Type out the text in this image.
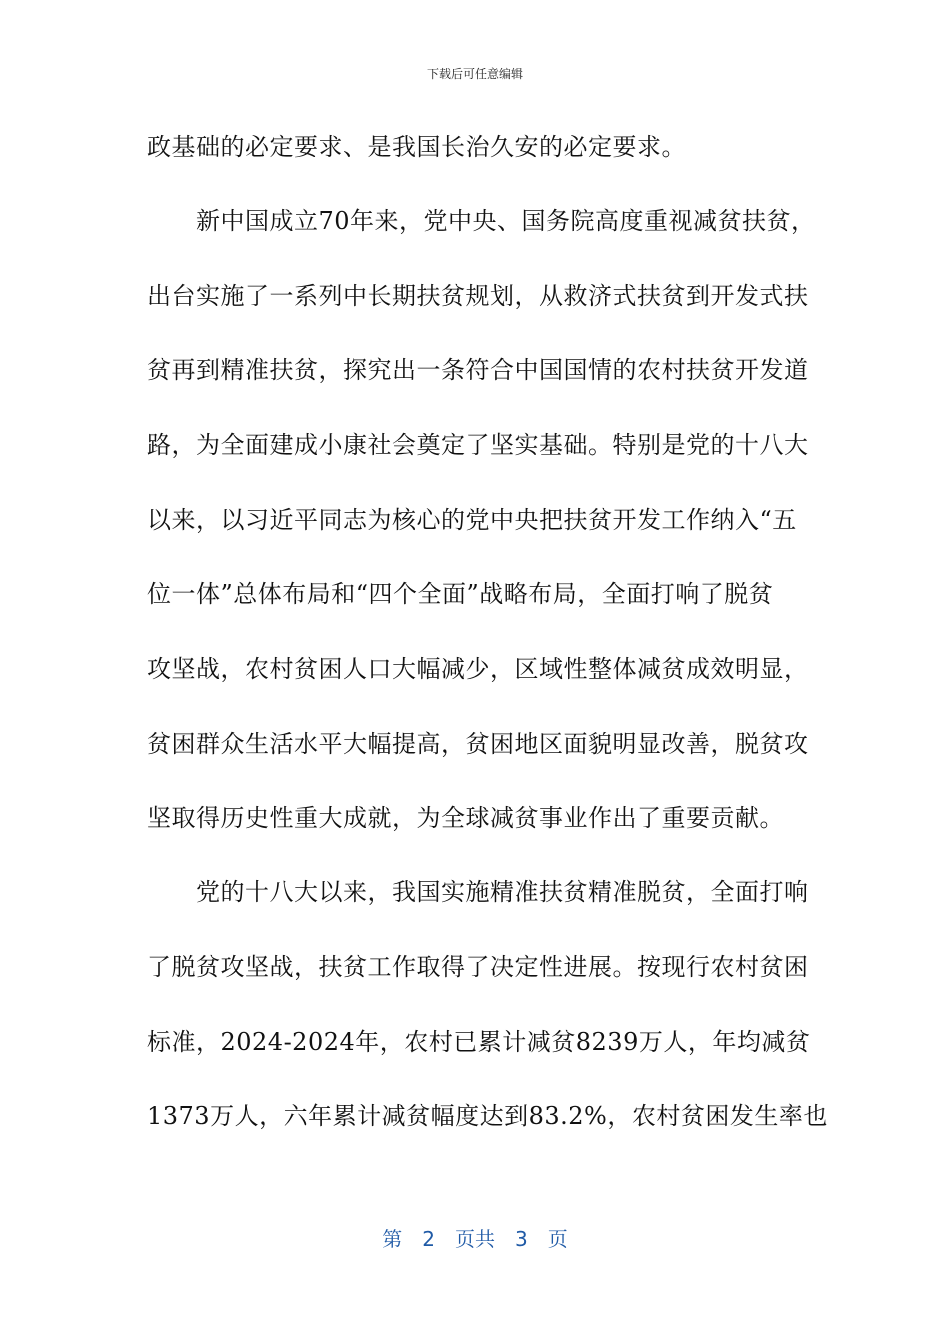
下载后可任意编辑
政基础的必定要求、是我国长治久安的必定要求。
　　新中国成立70年来，党中央、国务院高度重视减贫扶贫，
出台实施了一系列中长期扶贫规划，从救济式扶贫到开发式扶
贫再到精准扶贫，探究出一条符合中国国情的农村扶贫开发道
路，为全面建成小康社会奠定了坚实基础。特别是党的十八大
以来，以习近平同志为核心的党中央把扶贫开发工作纳入“五
位一体”总体布局和“四个全面”战略布局，全面打响了脱贫
攻坚战，农村贫困人口大幅减少，区域性整体减贫成效明显，
贫困群众生活水平大幅提高，贫困地区面貌明显改善，脱贫攻
坚取得历史性重大成就，为全球减贫事业作出了重要贡献。
　　党的十八大以来，我国实施精准扶贫精准脱贫，全面打响
了脱贫攻坚战，扶贫工作取得了决定性进展。按现行农村贫困
标准，2024-2024年，农村已累计减贫8239万人，年均减贫
1373万人，六年累计减贫幅度达到83.2%，农村贫困发生率也
第 2 页共 3 页
